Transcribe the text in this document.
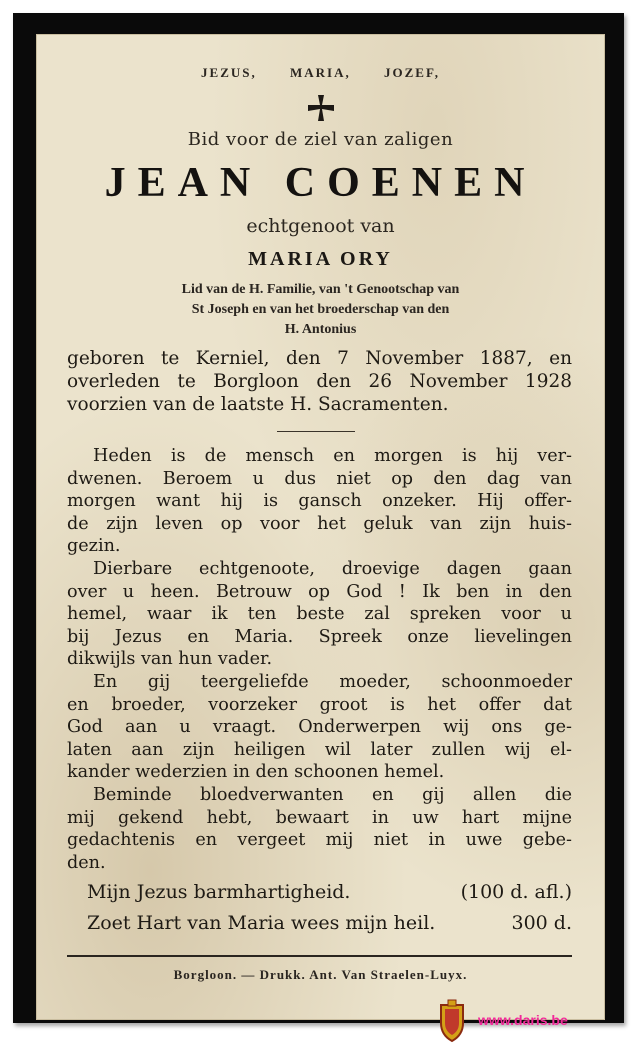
JEZUS,	MARIA,	JOZEF,
Bid voor de ziel van zaligen
JEAN COENEN
echtgenoot van
MARIA ORY
Lid van de H. Familie, van 't Genootschap van
St Joseph en van het broederschap van den
H. Antonius
geboren te Kerniel, den 7 November 1887, en
overleden te Borgloon den 26 November 1928
voorzien van de laatste H. Sacramenten.
Heden is de mensch en morgen is hij ver-
dwenen. Beroem u dus niet op den dag van
morgen want hij is gansch onzeker. Hij offer-
de zijn leven op voor het geluk van zijn huis-
gezin.
Dierbare echtgenoote, droevige dagen gaan
over u heen. Betrouw op God ! Ik ben in den
hemel, waar ik ten beste zal spreken voor u
bij Jezus en Maria. Spreek onze lievelingen
dikwijls van hun vader.
En gij teergeliefde moeder, schoonmoeder
en broeder, voorzeker groot is het offer dat
God aan u vraagt. Onderwerpen wij ons ge-
laten aan zijn heiligen wil later zullen wij el-
kander wederzien in den schoonen hemel.
Beminde bloedverwanten en gij allen die
mij gekend hebt, bewaart in uw hart mijne
gedachtenis en vergeet mij niet in uwe gebe-
den.
Mijn Jezus barmhartigheid.	(100 d. afl.)
Zoet Hart van Maria wees mijn heil.	300 d.
Borgloon. — Drukk. Ant. Van Straelen-Luyx.
www.daris.be
